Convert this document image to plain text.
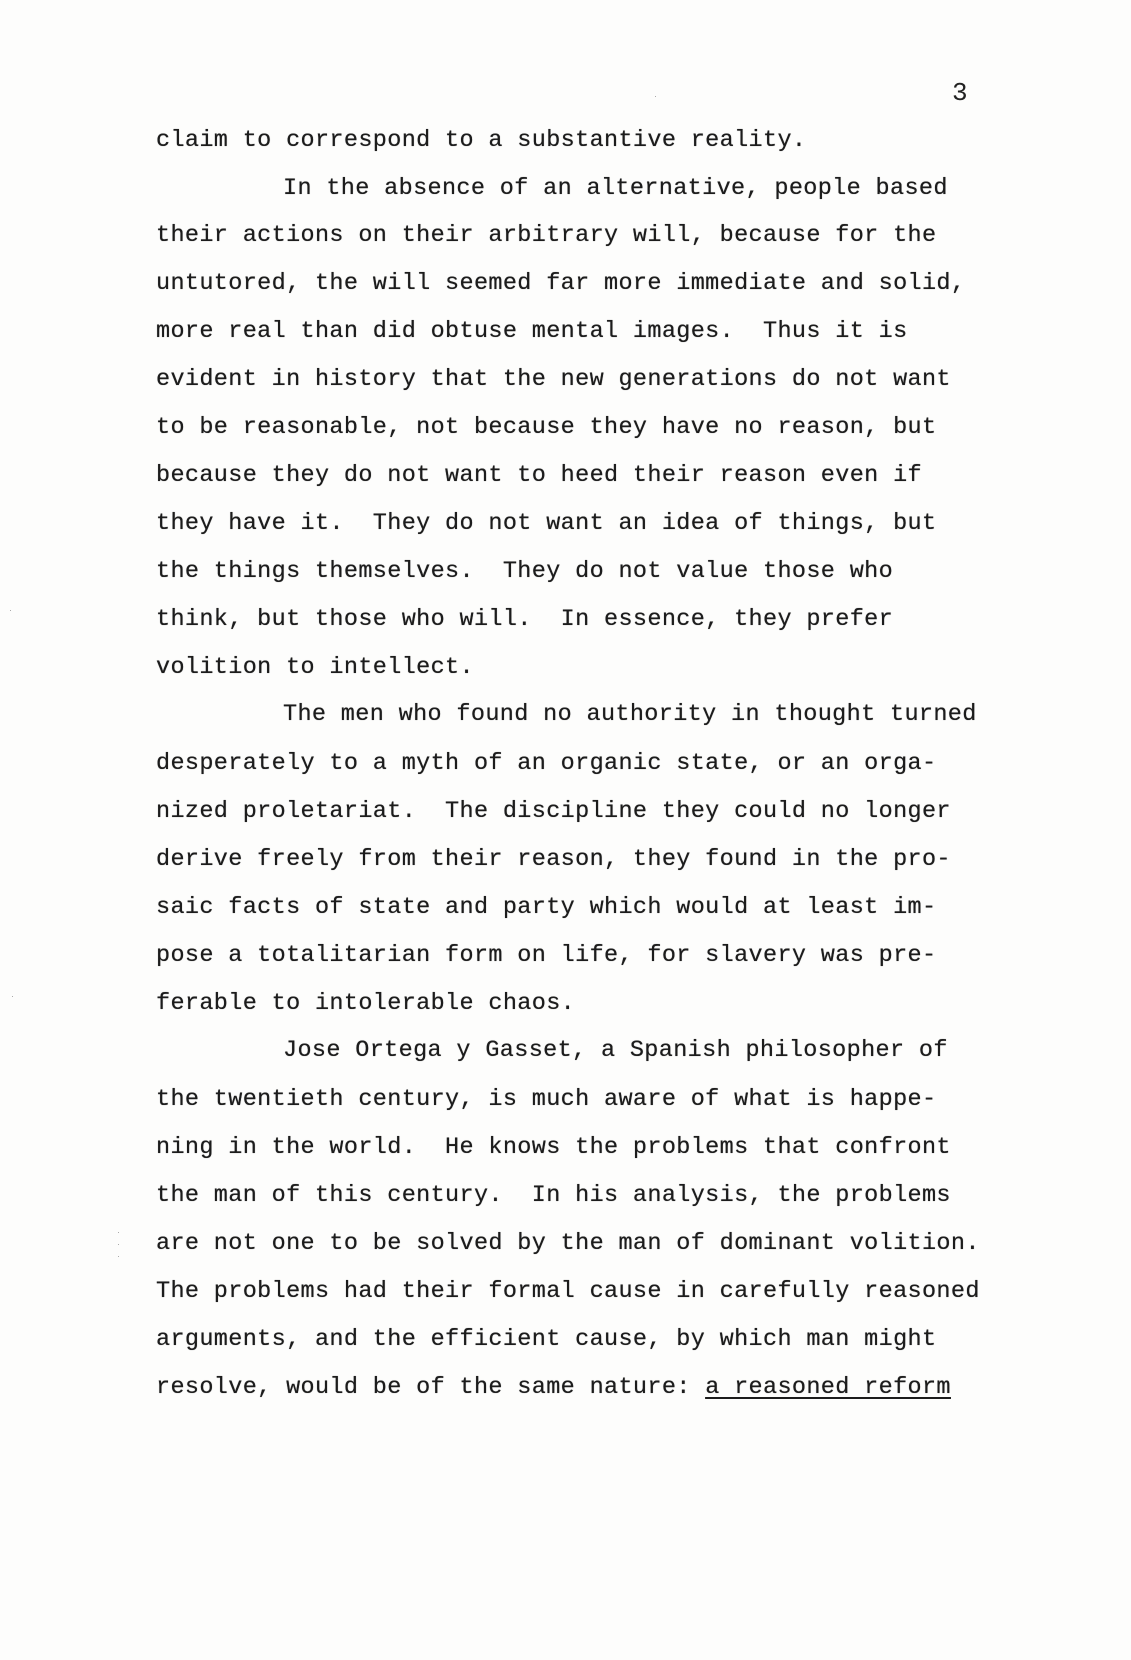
3
claim to correspond to a substantive reality.
In the absence of an alternative, people based
their actions on their arbitrary will, because for the
untutored, the will seemed far more immediate and solid,
more real than did obtuse mental images.  Thus it is
evident in history that the new generations do not want
to be reasonable, not because they have no reason, but
because they do not want to heed their reason even if
they have it.  They do not want an idea of things, but
the things themselves.  They do not value those who
think, but those who will.  In essence, they prefer
volition to intellect.
The men who found no authority in thought turned
desperately to a myth of an organic state, or an orga-
nized proletariat.  The discipline they could no longer
derive freely from their reason, they found in the pro-
saic facts of state and party which would at least im-
pose a totalitarian form on life, for slavery was pre-
ferable to intolerable chaos.
Jose Ortega y Gasset, a Spanish philosopher of
the twentieth century, is much aware of what is happe-
ning in the world.  He knows the problems that confront
the man of this century.  In his analysis, the problems
are not one to be solved by the man of dominant volition.
The problems had their formal cause in carefully reasoned
arguments, and the efficient cause, by which man might
resolve, would be of the same nature: a reasoned reform
